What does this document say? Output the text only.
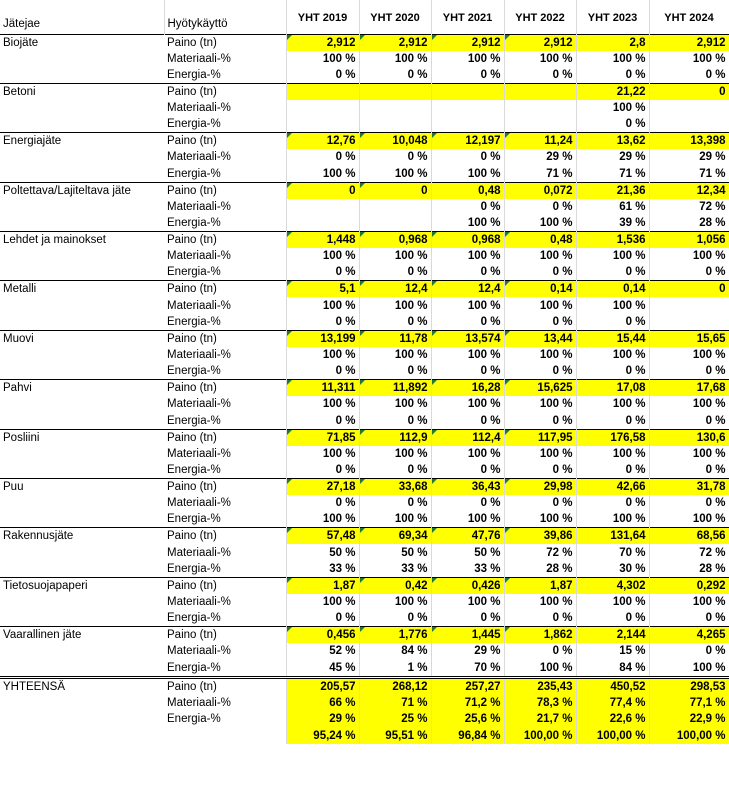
Jätejae	Hyötykäyttö	YHT 2019	YHT 2020	YHT 2021	YHT 2022	YHT 2023	YHT 2024
Biojäte	Paino (tn)	2,912	2,912	2,912	2,912	2,8	2,912
	Materiaali-%	100 %	100 %	100 %	100 %	100 %	100 %
	Energia-%	0 %	0 %	0 %	0 %	0 %	0 %
Betoni	Paino (tn)					21,22	0
	Materiaali-%					100 %	
	Energia-%					0 %	
Energiajäte	Paino (tn)	12,76	10,048	12,197	11,24	13,62	13,398
	Materiaali-%	0 %	0 %	0 %	29 %	29 %	29 %
	Energia-%	100 %	100 %	100 %	71 %	71 %	71 %
Poltettava/Lajiteltava jäte	Paino (tn)	0	0	0,48	0,072	21,36	12,34
	Materiaali-%			0 %	0 %	61 %	72 %
	Energia-%			100 %	100 %	39 %	28 %
Lehdet ja mainokset	Paino (tn)	1,448	0,968	0,968	0,48	1,536	1,056
	Materiaali-%	100 %	100 %	100 %	100 %	100 %	100 %
	Energia-%	0 %	0 %	0 %	0 %	0 %	0 %
Metalli	Paino (tn)	5,1	12,4	12,4	0,14	0,14	0
	Materiaali-%	100 %	100 %	100 %	100 %	100 %	
	Energia-%	0 %	0 %	0 %	0 %	0 %	
Muovi	Paino (tn)	13,199	11,78	13,574	13,44	15,44	15,65
	Materiaali-%	100 %	100 %	100 %	100 %	100 %	100 %
	Energia-%	0 %	0 %	0 %	0 %	0 %	0 %
Pahvi	Paino (tn)	11,311	11,892	16,28	15,625	17,08	17,68
	Materiaali-%	100 %	100 %	100 %	100 %	100 %	100 %
	Energia-%	0 %	0 %	0 %	0 %	0 %	0 %
Posliini	Paino (tn)	71,85	112,9	112,4	117,95	176,58	130,6
	Materiaali-%	100 %	100 %	100 %	100 %	100 %	100 %
	Energia-%	0 %	0 %	0 %	0 %	0 %	0 %
Puu	Paino (tn)	27,18	33,68	36,43	29,98	42,66	31,78
	Materiaali-%	0 %	0 %	0 %	0 %	0 %	0 %
	Energia-%	100 %	100 %	100 %	100 %	100 %	100 %
Rakennusjäte	Paino (tn)	57,48	69,34	47,76	39,86	131,64	68,56
	Materiaali-%	50 %	50 %	50 %	72 %	70 %	72 %
	Energia-%	33 %	33 %	33 %	28 %	30 %	28 %
Tietosuojapaperi	Paino (tn)	1,87	0,42	0,426	1,87	4,302	0,292
	Materiaali-%	100 %	100 %	100 %	100 %	100 %	100 %
	Energia-%	0 %	0 %	0 %	0 %	0 %	0 %
Vaarallinen jäte	Paino (tn)	0,456	1,776	1,445	1,862	2,144	4,265
	Materiaali-%	52 %	84 %	29 %	0 %	15 %	0 %
	Energia-%	45 %	1 %	70 %	100 %	84 %	100 %
YHTEENSÄ	Paino (tn)	205,57	268,12	257,27	235,43	450,52	298,53
	Materiaali-%	66 %	71 %	71,2 %	78,3 %	77,4 %	77,1 %
	Energia-%	29 %	25 %	25,6 %	21,7 %	22,6 %	22,9 %
		95,24 %	95,51 %	96,84 %	100,00 %	100,00 %	100,00 %
